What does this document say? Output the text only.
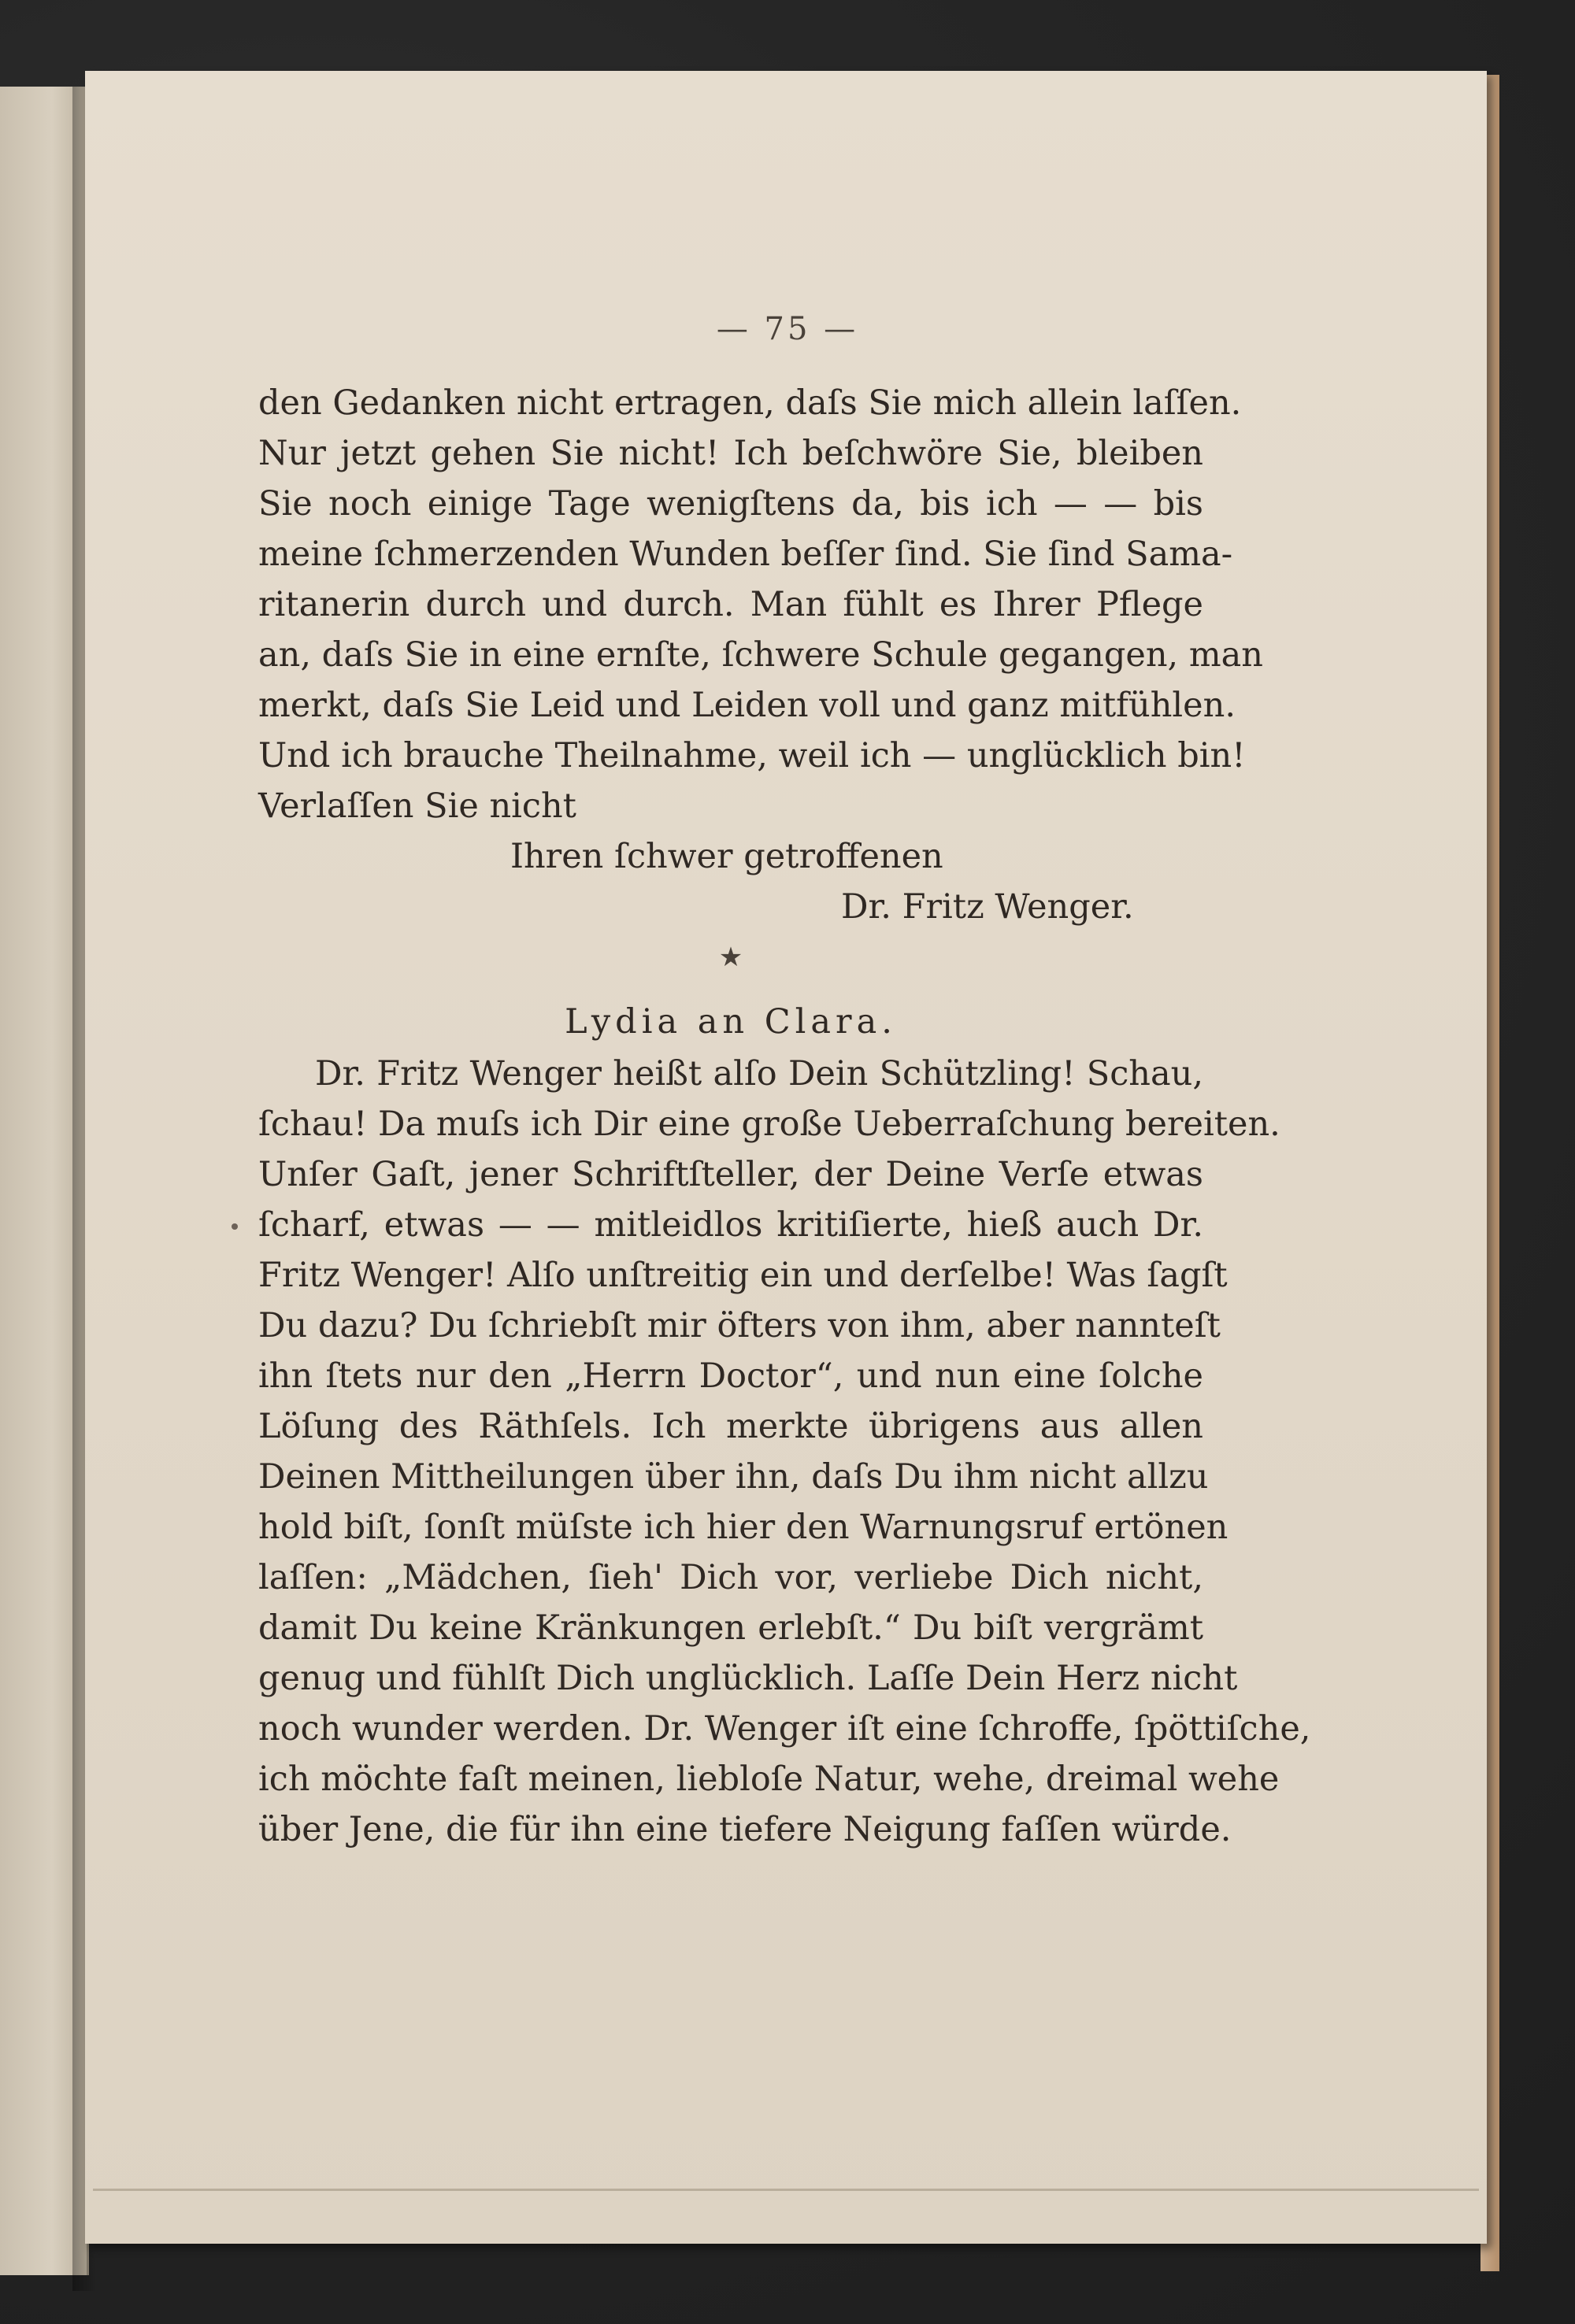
— 75 —
den Gedanken nicht ertragen, daſs Sie mich allein laſſen.
Nur jetzt gehen Sie nicht! Ich beſchwöre Sie, bleiben
Sie noch einige Tage wenigſtens da, bis ich — — bis
meine ſchmerzenden Wunden beſſer ſind. Sie ſind Sama-
ritanerin durch und durch. Man fühlt es Ihrer Pflege
an, daſs Sie in eine ernſte, ſchwere Schule gegangen, man
merkt, daſs Sie Leid und Leiden voll und ganz mitfühlen.
Und ich brauche Theilnahme, weil ich — unglücklich bin!
Verlaſſen Sie nicht
Ihren ſchwer getroffenen
Dr. Fritz Wenger.
★
Lydia an Clara.
Dr. Fritz Wenger heißt alſo Dein Schützling! Schau,
ſchau! Da muſs ich Dir eine große Ueberraſchung bereiten.
Unſer Gaſt, jener Schriftſteller, der Deine Verſe etwas
ſcharf, etwas — — mitleidlos kritiſierte, hieß auch Dr.
Fritz Wenger! Alſo unſtreitig ein und derſelbe! Was ſagſt
Du dazu? Du ſchriebſt mir öfters von ihm, aber nannteſt
ihn ſtets nur den „Herrn Doctor“, und nun eine ſolche
Löſung des Räthſels. Ich merkte übrigens aus allen
Deinen Mittheilungen über ihn, daſs Du ihm nicht allzu
hold biſt, ſonſt müſste ich hier den Warnungsruf ertönen
laſſen: „Mädchen, ſieh' Dich vor, verliebe Dich nicht,
damit Du keine Kränkungen erlebſt.“ Du biſt vergrämt
genug und fühlſt Dich unglücklich. Laſſe Dein Herz nicht
noch wunder werden. Dr. Wenger iſt eine ſchroffe, ſpöttiſche,
ich möchte faſt meinen, liebloſe Natur, wehe, dreimal wehe
über Jene, die für ihn eine tiefere Neigung faſſen würde.
